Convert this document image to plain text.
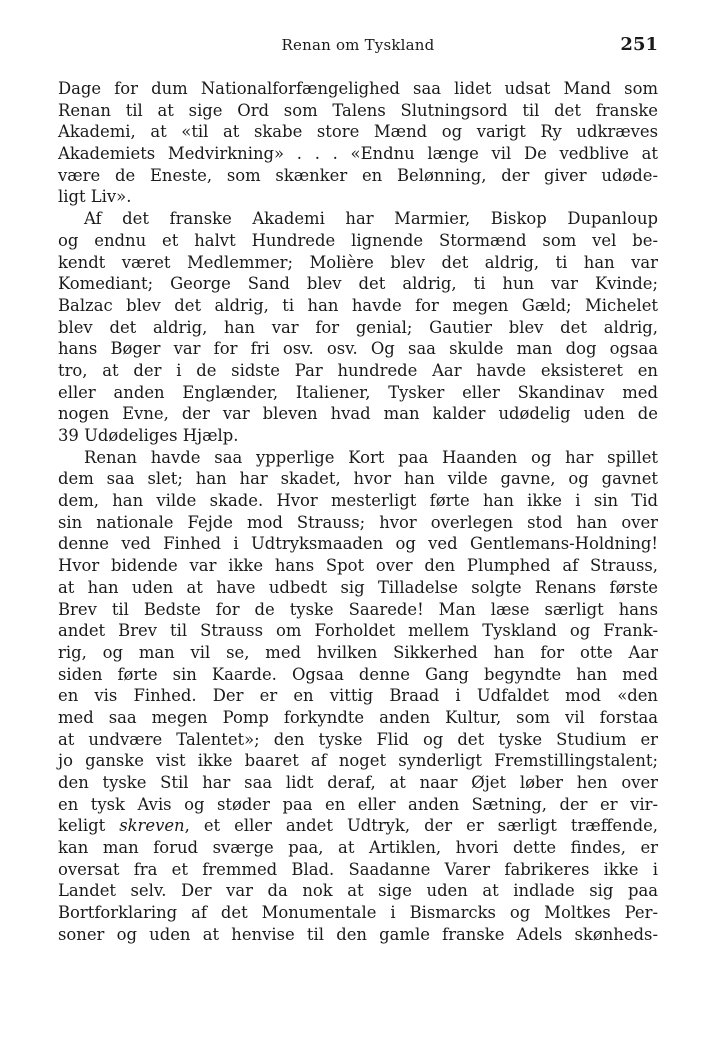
Renan om Tyskland	251
Dage for dum Nationalforfængelighed saa lidet udsat Mand som
Renan til at sige Ord som Talens Slutningsord til det franske
Akademi, at «til at skabe store Mænd og varigt Ry udkræves
Akademiets Medvirkning» . . . «Endnu længe vil De vedblive at
være de Eneste, som skænker en Belønning, der giver udøde-
ligt Liv».
Af det franske Akademi har Marmier, Biskop Dupanloup
og endnu et halvt Hundrede lignende Stormænd som vel be-
kendt været Medlemmer; Molière blev det aldrig, ti han var
Komediant; George Sand blev det aldrig, ti hun var Kvinde;
Balzac blev det aldrig, ti han havde for megen Gæld; Michelet
blev det aldrig, han var for genial; Gautier blev det aldrig,
hans Bøger var for fri osv. osv. Og saa skulde man dog ogsaa
tro, at der i de sidste Par hundrede Aar havde eksisteret en
eller anden Englænder, Italiener, Tysker eller Skandinav med
nogen Evne, der var bleven hvad man kalder udødelig uden de
39 Udødeliges Hjælp.
Renan havde saa ypperlige Kort paa Haanden og har spillet
dem saa slet; han har skadet, hvor han vilde gavne, og gavnet
dem, han vilde skade. Hvor mesterligt førte han ikke i sin Tid
sin nationale Fejde mod Strauss; hvor overlegen stod han over
denne ved Finhed i Udtryksmaaden og ved Gentlemans-Holdning!
Hvor bidende var ikke hans Spot over den Plumphed af Strauss,
at han uden at have udbedt sig Tilladelse solgte Renans første
Brev til Bedste for de tyske Saarede! Man læse særligt hans
andet Brev til Strauss om Forholdet mellem Tyskland og Frank-
rig, og man vil se, med hvilken Sikkerhed han for otte Aar
siden førte sin Kaarde. Ogsaa denne Gang begyndte han med
en vis Finhed. Der er en vittig Braad i Udfaldet mod «den
med saa megen Pomp forkyndte anden Kultur, som vil forstaa
at undvære Talentet»; den tyske Flid og det tyske Studium er
jo ganske vist ikke baaret af noget synderligt Fremstillingstalent;
den tyske Stil har saa lidt deraf, at naar Øjet løber hen over
en tysk Avis og støder paa en eller anden Sætning, der er vir-
keligt skreven, et eller andet Udtryk, der er særligt træffende,
kan man forud sværge paa, at Artiklen, hvori dette findes, er
oversat fra et fremmed Blad. Saadanne Varer fabrikeres ikke i
Landet selv. Der var da nok at sige uden at indlade sig paa
Bortforklaring af det Monumentale i Bismarcks og Moltkes Per-
soner og uden at henvise til den gamle franske Adels skønheds-
